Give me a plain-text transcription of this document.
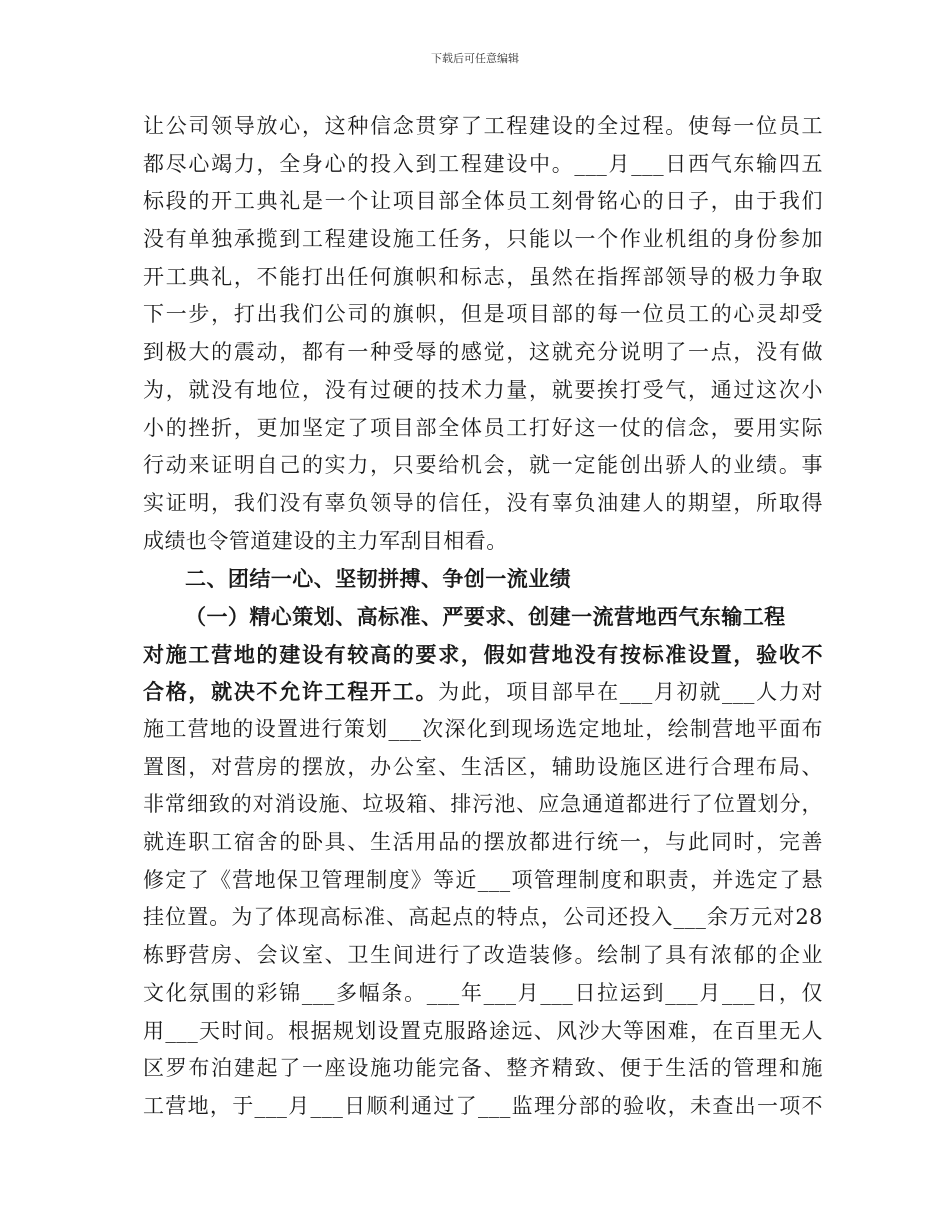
下载后可任意编辑
让公司领导放心，这种信念贯穿了工程建设的全过程。使每一位员工
都尽心竭力，全身心的投入到工程建设中。___月___日西气东输四五
标段的开工典礼是一个让项目部全体员工刻骨铭心的日子，由于我们
没有单独承揽到工程建设施工任务，只能以一个作业机组的身份参加
开工典礼，不能打出任何旗帜和标志，虽然在指挥部领导的极力争取
下一步，打出我们公司的旗帜，但是项目部的每一位员工的心灵却受
到极大的震动，都有一种受辱的感觉，这就充分说明了一点，没有做
为，就没有地位，没有过硬的技术力量，就要挨打受气，通过这次小
小的挫折，更加坚定了项目部全体员工打好这一仗的信念，要用实际
行动来证明自己的实力，只要给机会，就一定能创出骄人的业绩。事
实证明，我们没有辜负领导的信任，没有辜负油建人的期望，所取得
成绩也令管道建设的主力军刮目相看。
二、团结一心、坚韧拼搏、争创一流业绩
（一）精心策划、高标准、严要求、创建一流营地西气东输工程
对施工营地的建设有较高的要求，假如营地没有按标准设置，验收不
合格，就决不允许工程开工。为此，项目部早在___月初就___人力对
施工营地的设置进行策划___次深化到现场选定地址，绘制营地平面布
置图，对营房的摆放，办公室、生活区，辅助设施区进行合理布局、
非常细致的对消设施、垃圾箱、排污池、应急通道都进行了位置划分，
就连职工宿舍的卧具、生活用品的摆放都进行统一，与此同时，完善
修定了《营地保卫管理制度》等近___项管理制度和职责，并选定了悬
挂位置。为了体现高标准、高起点的特点，公司还投入___余万元对28
栋野营房、会议室、卫生间进行了改造装修。绘制了具有浓郁的企业
文化氛围的彩锦___多幅条。___年___月___日拉运到___月___日，仅
用___天时间。根据规划设置克服路途远、风沙大等困难，在百里无人
区罗布泊建起了一座设施功能完备、整齐精致、便于生活的管理和施
工营地，于___月___日顺利通过了___监理分部的验收，未查出一项不
